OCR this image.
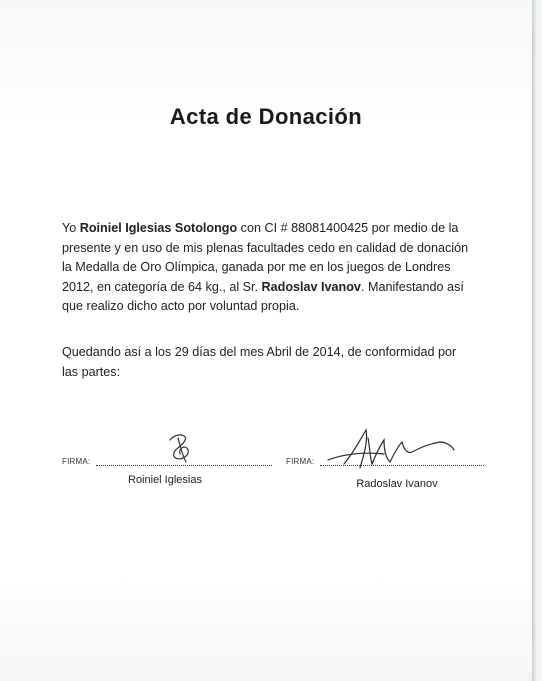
Acta de Donación
Yo Roiniel Iglesias Sotolongo con CI # 88081400425 por medio de la presente y en uso de mis plenas facultades cedo en calidad de donación la Medalla de Oro Olímpica, ganada por me en los juegos de Londres 2012, en categoría de 64 kg., al Sr. Radoslav Ivanov. Manifestando así que realizo dicho acto por voluntad propia.
Quedando así a los 29 días del mes Abril de 2014, de conformidad por las partes:
FIRMA:
Roiniel Iglesias
FIRMA:
Radoslav Ivanov
